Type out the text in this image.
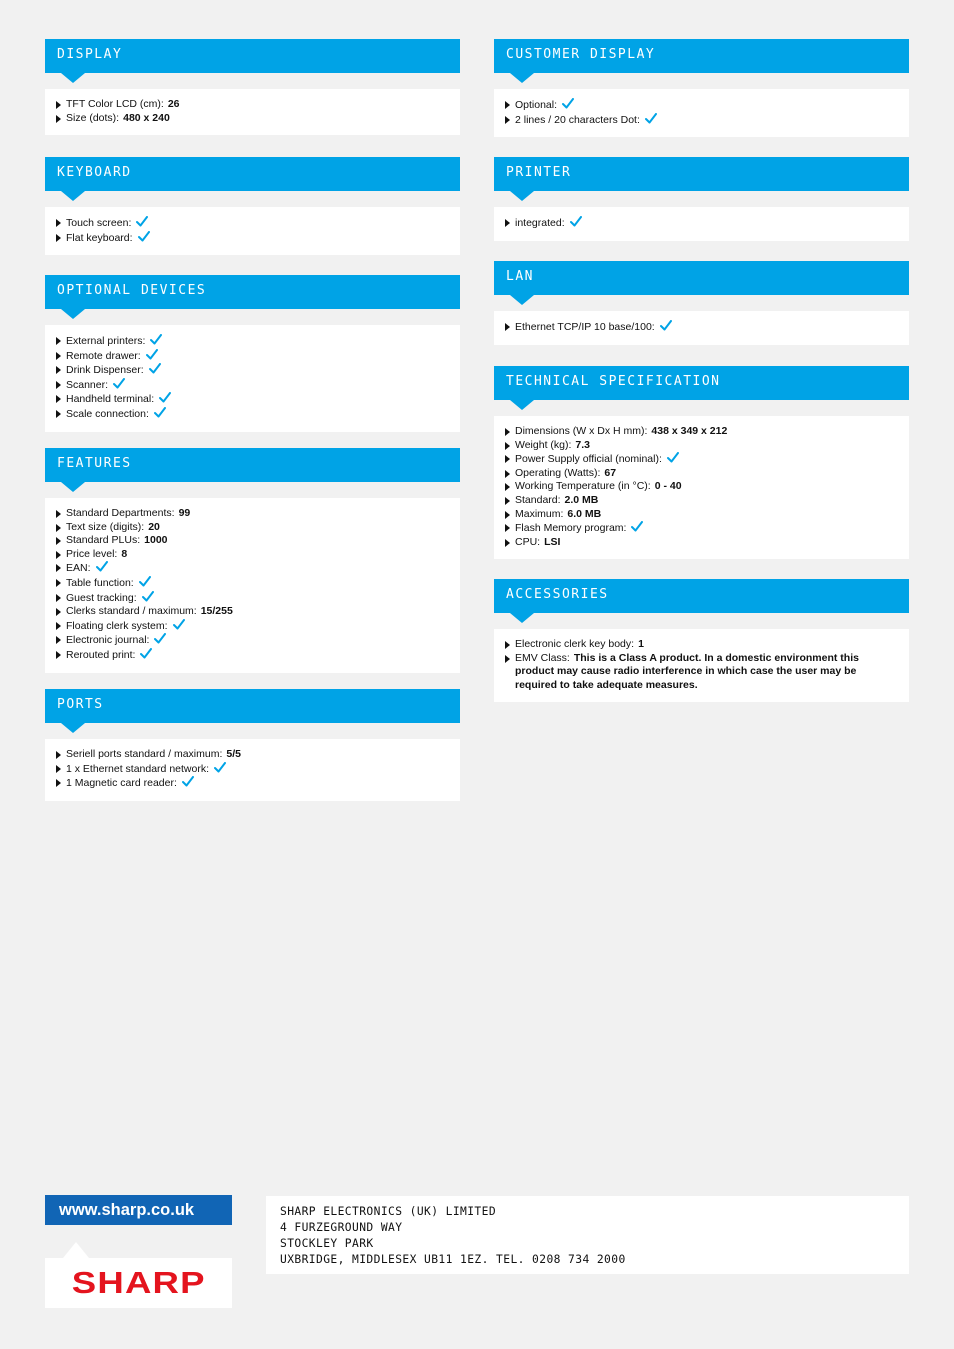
DISPLAY
TFT Color LCD (cm): 26
Size (dots): 480 x 240
KEYBOARD
Touch screen:
Flat keyboard:
OPTIONAL DEVICES
External printers:
Remote drawer:
Drink Dispenser:
Scanner:
Handheld terminal:
Scale connection:
FEATURES
Standard Departments: 99
Text size (digits): 20
Standard PLUs: 1000
Price level: 8
EAN:
Table function:
Guest tracking:
Clerks standard / maximum: 15/255
Floating clerk system:
Electronic journal:
Rerouted print:
PORTS
Seriell ports standard / maximum: 5/5
1 x Ethernet standard network:
1 Magnetic card reader:
CUSTOMER DISPLAY
Optional:
2 lines / 20 characters Dot:
PRINTER
integrated:
LAN
Ethernet TCP/IP 10 base/100:
TECHNICAL SPECIFICATION
Dimensions (W x Dx H mm): 438 x 349 x 212
Weight (kg): 7.3
Power Supply official (nominal):
Operating (Watts): 67
Working Temperature (in °C): 0 - 40
Standard: 2.0 MB
Maximum: 6.0 MB
Flash Memory program:
CPU: LSI
ACCESSORIES
Electronic clerk key body: 1
EMV Class: This is a Class A product. In a domestic environment this product may cause radio interference in which case the user may be required to take adequate measures.
www.sharp.co.uk
SHARP
SHARP ELECTRONICS (UK) LIMITED
4 FURZEGROUND WAY
STOCKLEY PARK
UXBRIDGE, MIDDLESEX UB11 1EZ. TEL. 0208 734 2000
